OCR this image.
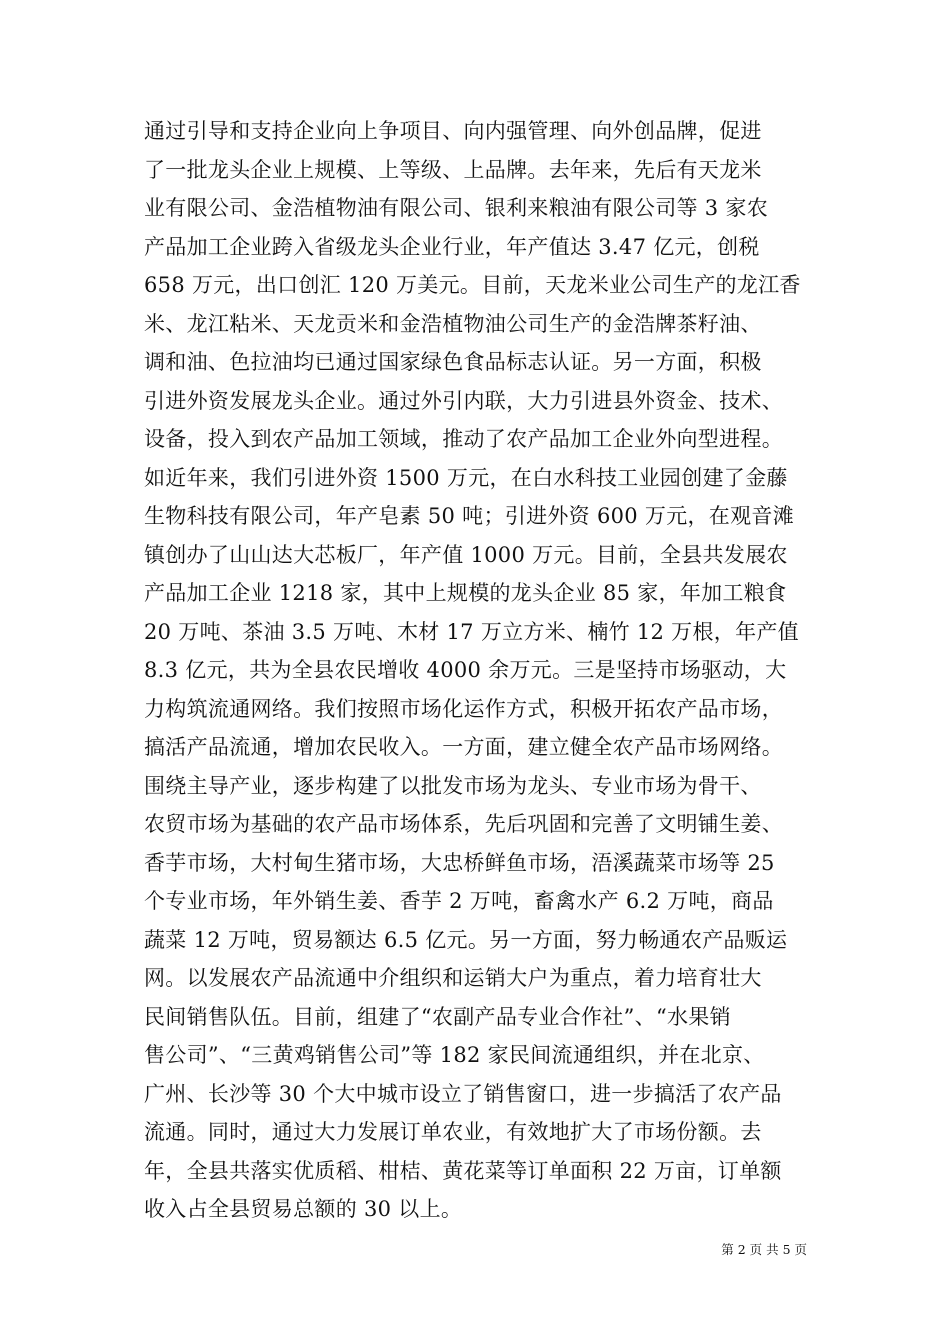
通过引导和支持企业向上争项目、向内强管理、向外创品牌，促进
了一批龙头企业上规模、上等级、上品牌。去年来，先后有天龙米
业有限公司、金浩植物油有限公司、银利来粮油有限公司等 3 家农
产品加工企业跨入省级龙头企业行业，年产值达 3.47 亿元，创税
658 万元，出口创汇 120 万美元。目前，天龙米业公司生产的龙江香
米、龙江粘米、天龙贡米和金浩植物油公司生产的金浩牌茶籽油、
调和油、色拉油均已通过国家绿色食品标志认证。另一方面，积极
引进外资发展龙头企业。通过外引内联，大力引进县外资金、技术、
设备，投入到农产品加工领域，推动了农产品加工企业外向型进程。
如近年来，我们引进外资 1500 万元，在白水科技工业园创建了金藤
生物科技有限公司，年产皂素 50 吨；引进外资 600 万元，在观音滩
镇创办了山山达大芯板厂，年产值 1000 万元。目前，全县共发展农
产品加工企业 1218 家，其中上规模的龙头企业 85 家，年加工粮食
20 万吨、茶油 3.5 万吨、木材 17 万立方米、楠竹 12 万根，年产值
8.3 亿元，共为全县农民增收 4000 余万元。三是坚持市场驱动，大
力构筑流通网络。我们按照市场化运作方式，积极开拓农产品市场，
搞活产品流通，增加农民收入。一方面，建立健全农产品市场网络。
围绕主导产业，逐步构建了以批发市场为龙头、专业市场为骨干、
农贸市场为基础的农产品市场体系，先后巩固和完善了文明铺生姜、
香芋市场，大村甸生猪市场，大忠桥鲜鱼市场，浯溪蔬菜市场等 25
个专业市场，年外销生姜、香芋 2 万吨，畜禽水产 6.2 万吨，商品
蔬菜 12 万吨，贸易额达 6.5 亿元。另一方面，努力畅通农产品贩运
网。以发展农产品流通中介组织和运销大户为重点，着力培育壮大
民间销售队伍。目前，组建了“农副产品专业合作社”、“水果销
售公司”、“三黄鸡销售公司”等 182 家民间流通组织，并在北京、
广州、长沙等 30 个大中城市设立了销售窗口，进一步搞活了农产品
流通。同时，通过大力发展订单农业，有效地扩大了市场份额。去
年，全县共落实优质稻、柑桔、黄花菜等订单面积 22 万亩，订单额
收入占全县贸易总额的 30 以上。
第 2 页 共 5 页
